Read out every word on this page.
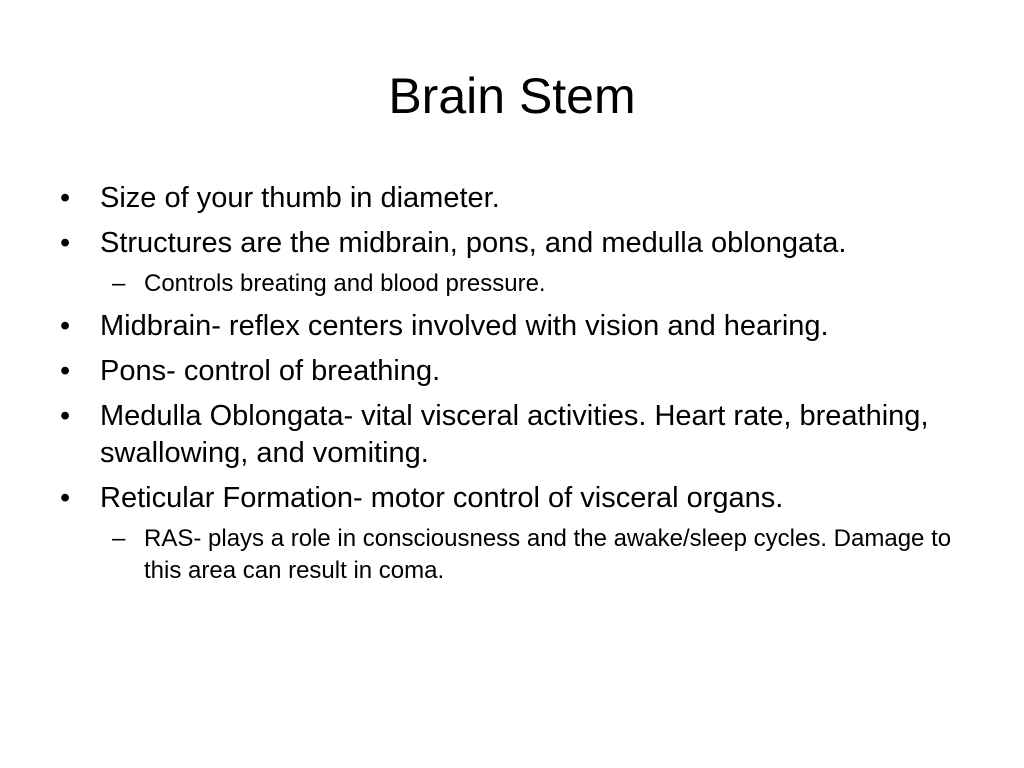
Brain Stem
•	Size of your thumb in diameter.
•	Structures are the midbrain, pons, and medulla oblongata.
– Controls breating and blood pressure.
•	Midbrain- reflex centers involved with vision and hearing.
•	Pons- control of breathing.
•	Medulla Oblongata- vital visceral activities. Heart rate, breathing, swallowing, and vomiting.
•	Reticular Formation- motor control of visceral organs.
– RAS- plays a role in consciousness and the awake/sleep cycles. Damage to this area can result in coma.
